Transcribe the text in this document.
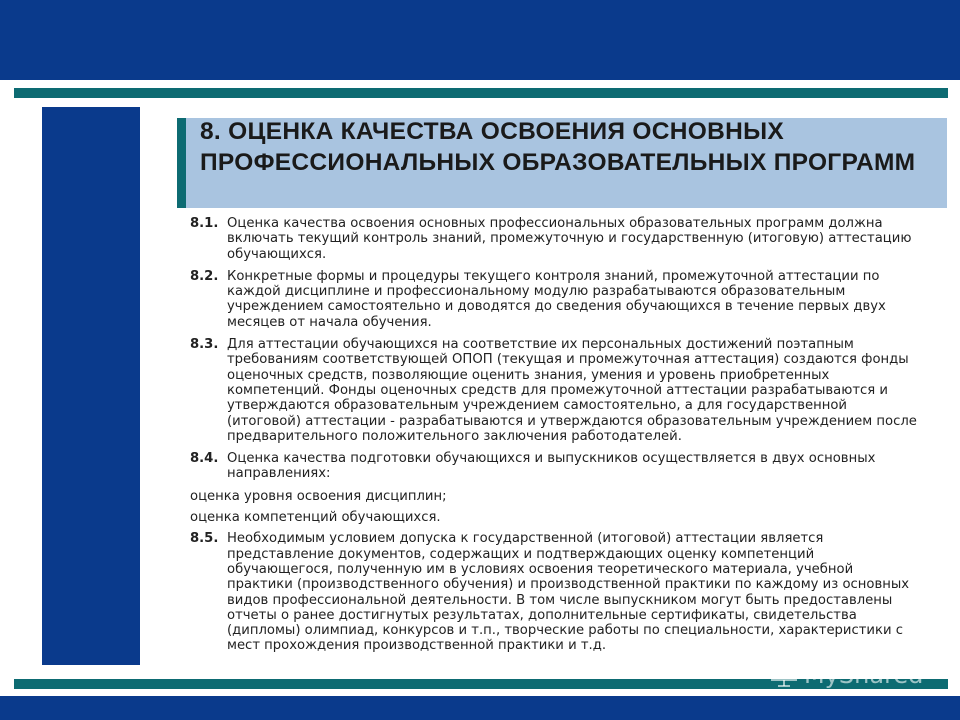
8. ОЦЕНКА КАЧЕСТВА ОСВОЕНИЯ ОСНОВНЫХ ПРОФЕССИОНАЛЬНЫХ ОБРАЗОВАТЕЛЬНЫХ ПРОГРАММ
8.1. Оценка качества освоения основных профессиональных образовательных программ должна включать текущий контроль знаний, промежуточную и государственную (итоговую) аттестацию обучающихся.
8.2. Конкретные формы и процедуры текущего контроля знаний, промежуточной аттестации по каждой дисциплине и профессиональному модулю разрабатываются образовательным учреждением самостоятельно и доводятся до сведения обучающихся в течение первых двух месяцев от начала обучения.
8.3. Для аттестации обучающихся на соответствие их персональных достижений поэтапным требованиям соответствующей ОПОП (текущая и промежуточная аттестация) создаются фонды оценочных средств, позволяющие оценить знания, умения и уровень приобретенных компетенций. Фонды оценочных средств для промежуточной аттестации разрабатываются и утверждаются образовательным учреждением самостоятельно, а для государственной (итоговой) аттестации - разрабатываются и утверждаются образовательным учреждением после предварительного положительного заключения работодателей.
8.4. Оценка качества подготовки обучающихся и выпускников осуществляется в двух основных направлениях:
оценка уровня освоения дисциплин;
оценка компетенций обучающихся.
8.5. Необходимым условием допуска к государственной (итоговой) аттестации является представление документов, содержащих и подтверждающих оценку компетенций обучающегося, полученную им в условиях освоения теоретического материала, учебной практики (производственного обучения) и производственной практики по каждому из основных видов профессиональной деятельности. В том числе выпускником могут быть предоставлены отчеты о ранее достигнутых результатах, дополнительные сертификаты, свидетельства (дипломы) олимпиад, конкурсов и т.п., творческие работы по специальности, характеристики с мест прохождения производственной практики и т.д.
MyShared
